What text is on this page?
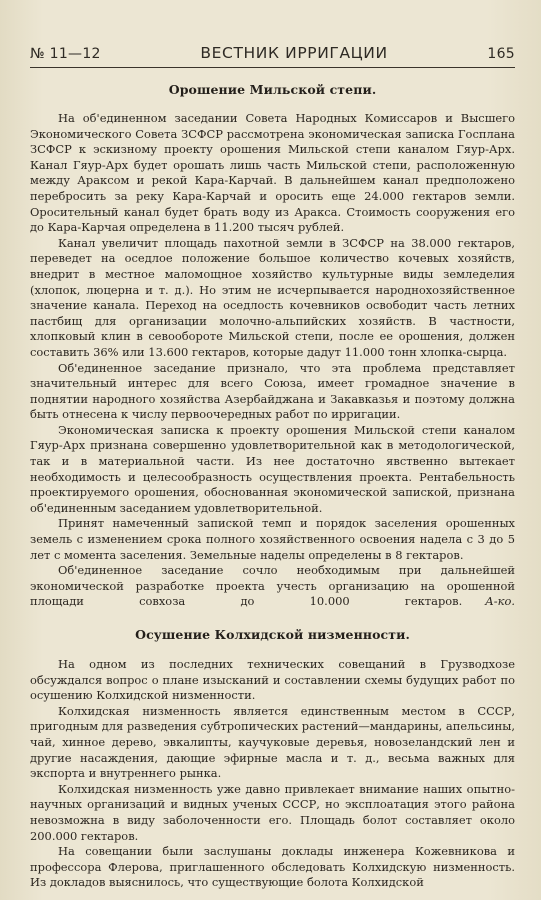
№ 11—12	ВЕСТНИК ИРРИГАЦИИ	165
Орошение Мильской степи.

На об'единенном заседании Совета Народных Комиссаров и Высшего Экономического Совета ЗСФСР рассмотрена экономическая записка Госплана ЗСФСР к эскизному проекту орошения Мильской степи каналом Гяур-Арх. Канал Гяур-Арх будет орошать лишь часть Мильской степи, расположенную между Араксом и рекой Кара-Карчай. В дальнейшем канал предположено перебросить за реку Кара-Карчай и оросить еще 24.000 гектаров земли. Оросительный канал будет брать воду из Аракса. Стоимость сооружения его до Кара-Карчая определена в 11.200 тысяч рублей.

Канал увеличит площадь пахотной земли в ЗСФСР на 38.000 гектаров, переведет на оседлое положение большое количество кочевых хозяйств, внедрит в местное маломощное хозяйство культурные виды земледелия (хлопок, люцерна и т. д.). Но этим не исчерпывается народнохозяйственное значение канала. Переход на оседлость кочевников освободит часть летних пастбищ для организации молочно-альпийских хозяйств. В частности, хлопковый клин в севообороте Мильской степи, после ее орошения, должен составить 36% или 13.600 гектаров, которые дадут 11.000 тонн хлопка-сырца.

Об'единенное заседание признало, что эта проблема представляет значительный интерес для всего Союза, имеет громадное значение в поднятии народного хозяйства Азербайджана и Закавказья и поэтому должна быть отнесена к числу первоочередных работ по ирригации.

Экономическая записка к проекту орошения Мильской степи каналом Гяур-Арх признана совершенно удовлетворительной как в методологической, так и в материальной части. Из нее достаточно явственно вытекает необходимость и целесообразность осуществления проекта. Рентабельность проектируемого орошения, обоснованная экономической запиской, признана об'единенным заседанием удовлетворительной.

Принят намеченный запиской темп и порядок заселения орошенных земель с изменением срока полного хозяйственного освоения надела с 3 до 5 лет с момента заселения. Земельные наделы определены в 8 гектаров.

Об'единенное заседание сочло необходимым при дальнейшей экономической разработке проекта учесть организацию на орошенной площади совхоза до 10.000 гектаров.   А-ко.

Осушение Колхидской низменности.

На одном из последних технических совещаний в Грузводхозе обсуждался вопрос о плане изысканий и составлении схемы будущих работ по осушению Колхидской низменности.

Колхидская низменность является единственным местом в СССР, пригодным для разведения субтропических растений—мандарины, апельсины, чай, хинное дерево, эвкалипты, каучуковые деревья, новозеландский лен и другие насаждения, дающие эфирные масла и т. д., весьма важных для экспорта и внутреннего рынка.

Колхидская низменность уже давно привлекает внимание наших опытно-научных организаций и видных ученых СССР, но эксплоатация этого района невозможна в виду заболоченности его. Площадь болот составляет около 200.000 гектаров.

На совещании были заслушаны доклады инженера Кожевникова и профессора Флерова, приглашенного обследовать Колхидскую низменность. Из докладов выяснилось, что существующие болота Колхидской
